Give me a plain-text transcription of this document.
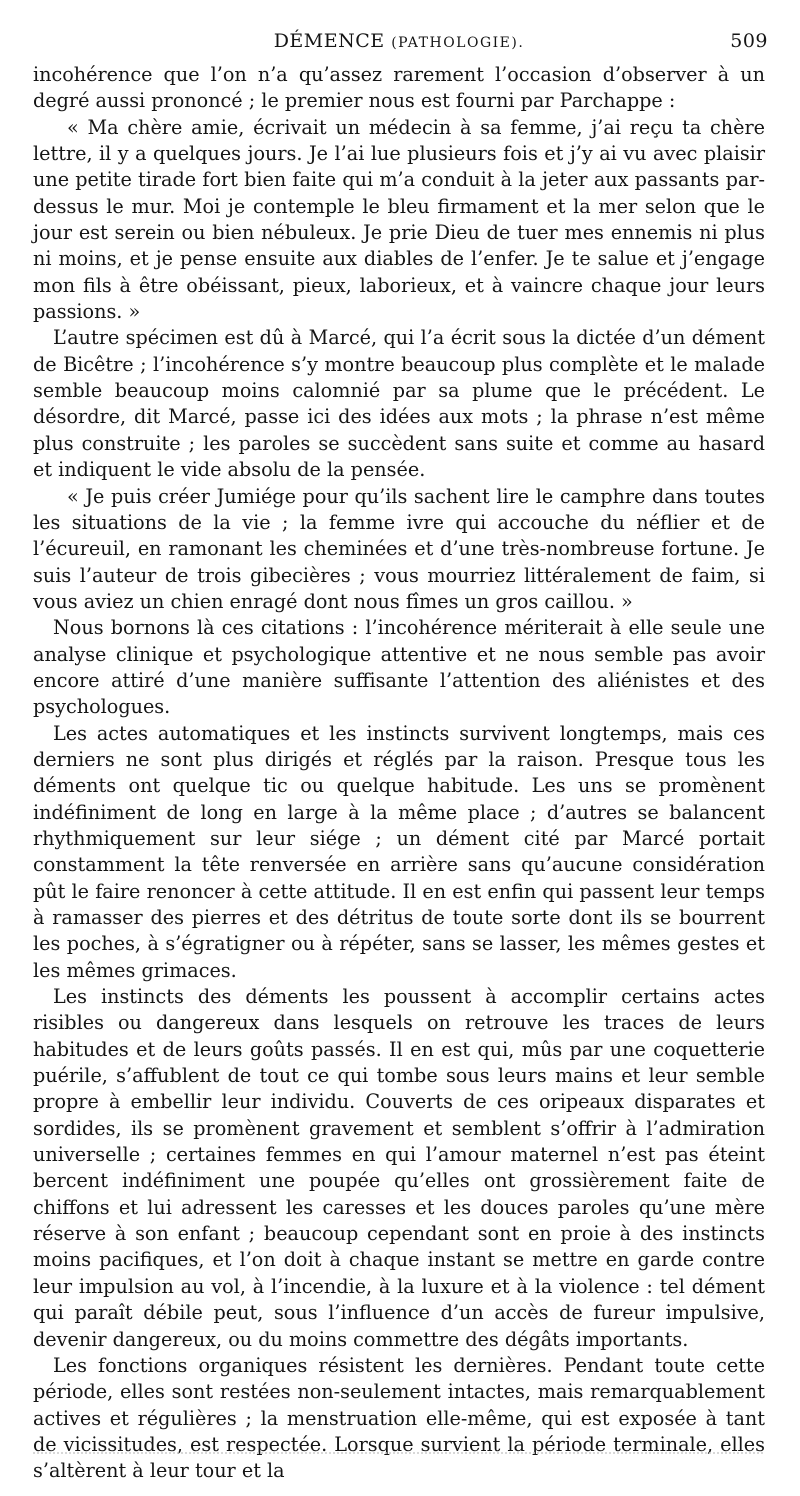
DÉMENCE (PATHOLOGIE).	509

incohérence que l’on n’a qu’assez rarement l’occasion d’observer à un degré aussi prononcé ; le premier nous est fourni par Parchappe :

« Ma chère amie, écrivait un médecin à sa femme, j’ai reçu ta chère lettre, il y a quelques jours. Je l’ai lue plusieurs fois et j’y ai vu avec plaisir une petite tirade fort bien faite qui m’a conduit à la jeter aux passants par-dessus le mur. Moi je contemple le bleu firmament et la mer selon que le jour est serein ou bien nébuleux. Je prie Dieu de tuer mes ennemis ni plus ni moins, et je pense ensuite aux diables de l’enfer. Je te salue et j’engage mon fils à être obéissant, pieux, laborieux, et à vaincre chaque jour leurs passions. »

L’autre spécimen est dû à Marcé, qui l’a écrit sous la dictée d’un dément de Bicêtre ; l’incohérence s’y montre beaucoup plus complète et le malade semble beaucoup moins calomnié par sa plume que le précédent. Le désordre, dit Marcé, passe ici des idées aux mots ; la phrase n’est même plus construite ; les paroles se succèdent sans suite et comme au hasard et indiquent le vide absolu de la pensée.

« Je puis créer Jumiége pour qu’ils sachent lire le camphre dans toutes les situations de la vie ; la femme ivre qui accouche du néflier et de l’écureuil, en ramonant les cheminées et d’une très-nombreuse fortune. Je suis l’auteur de trois gibecières ; vous mourriez littéralement de faim, si vous aviez un chien enragé dont nous fîmes un gros caillou. »

Nous bornons là ces citations : l’incohérence mériterait à elle seule une analyse clinique et psychologique attentive et ne nous semble pas avoir encore attiré d’une manière suffisante l’attention des aliénistes et des psychologues.

Les actes automatiques et les instincts survivent longtemps, mais ces derniers ne sont plus dirigés et réglés par la raison. Presque tous les déments ont quelque tic ou quelque habitude. Les uns se promènent indéfiniment de long en large à la même place ; d’autres se balancent rhythmiquement sur leur siége ; un dément cité par Marcé portait constamment la tête renversée en arrière sans qu’aucune considération pût le faire renoncer à cette attitude. Il en est enfin qui passent leur temps à ramasser des pierres et des détritus de toute sorte dont ils se bourrent les poches, à s’égratigner ou à répéter, sans se lasser, les mêmes gestes et les mêmes grimaces.

Les instincts des déments les poussent à accomplir certains actes risibles ou dangereux dans lesquels on retrouve les traces de leurs habitudes et de leurs goûts passés. Il en est qui, mûs par une coquetterie puérile, s’affublent de tout ce qui tombe sous leurs mains et leur semble propre à embellir leur individu. Couverts de ces oripeaux disparates et sordides, ils se promènent gravement et semblent s’offrir à l’admiration universelle ; certaines femmes en qui l’amour maternel n’est pas éteint bercent indéfiniment une poupée qu’elles ont grossièrement faite de chiffons et lui adressent les caresses et les douces paroles qu’une mère réserve à son enfant ; beaucoup cependant sont en proie à des instincts moins pacifiques, et l’on doit à chaque instant se mettre en garde contre leur impulsion au vol, à l’incendie, à la luxure et à la violence : tel dément qui paraît débile peut, sous l’influence d’un accès de fureur impulsive, devenir dangereux, ou du moins commettre des dégâts importants.

Les fonctions organiques résistent les dernières. Pendant toute cette période, elles sont restées non-seulement intactes, mais remarquablement actives et régulières ; la menstruation elle-même, qui est exposée à tant de vicissitudes, est respectée. Lorsque survient la période terminale, elles s’altèrent à leur tour et la
